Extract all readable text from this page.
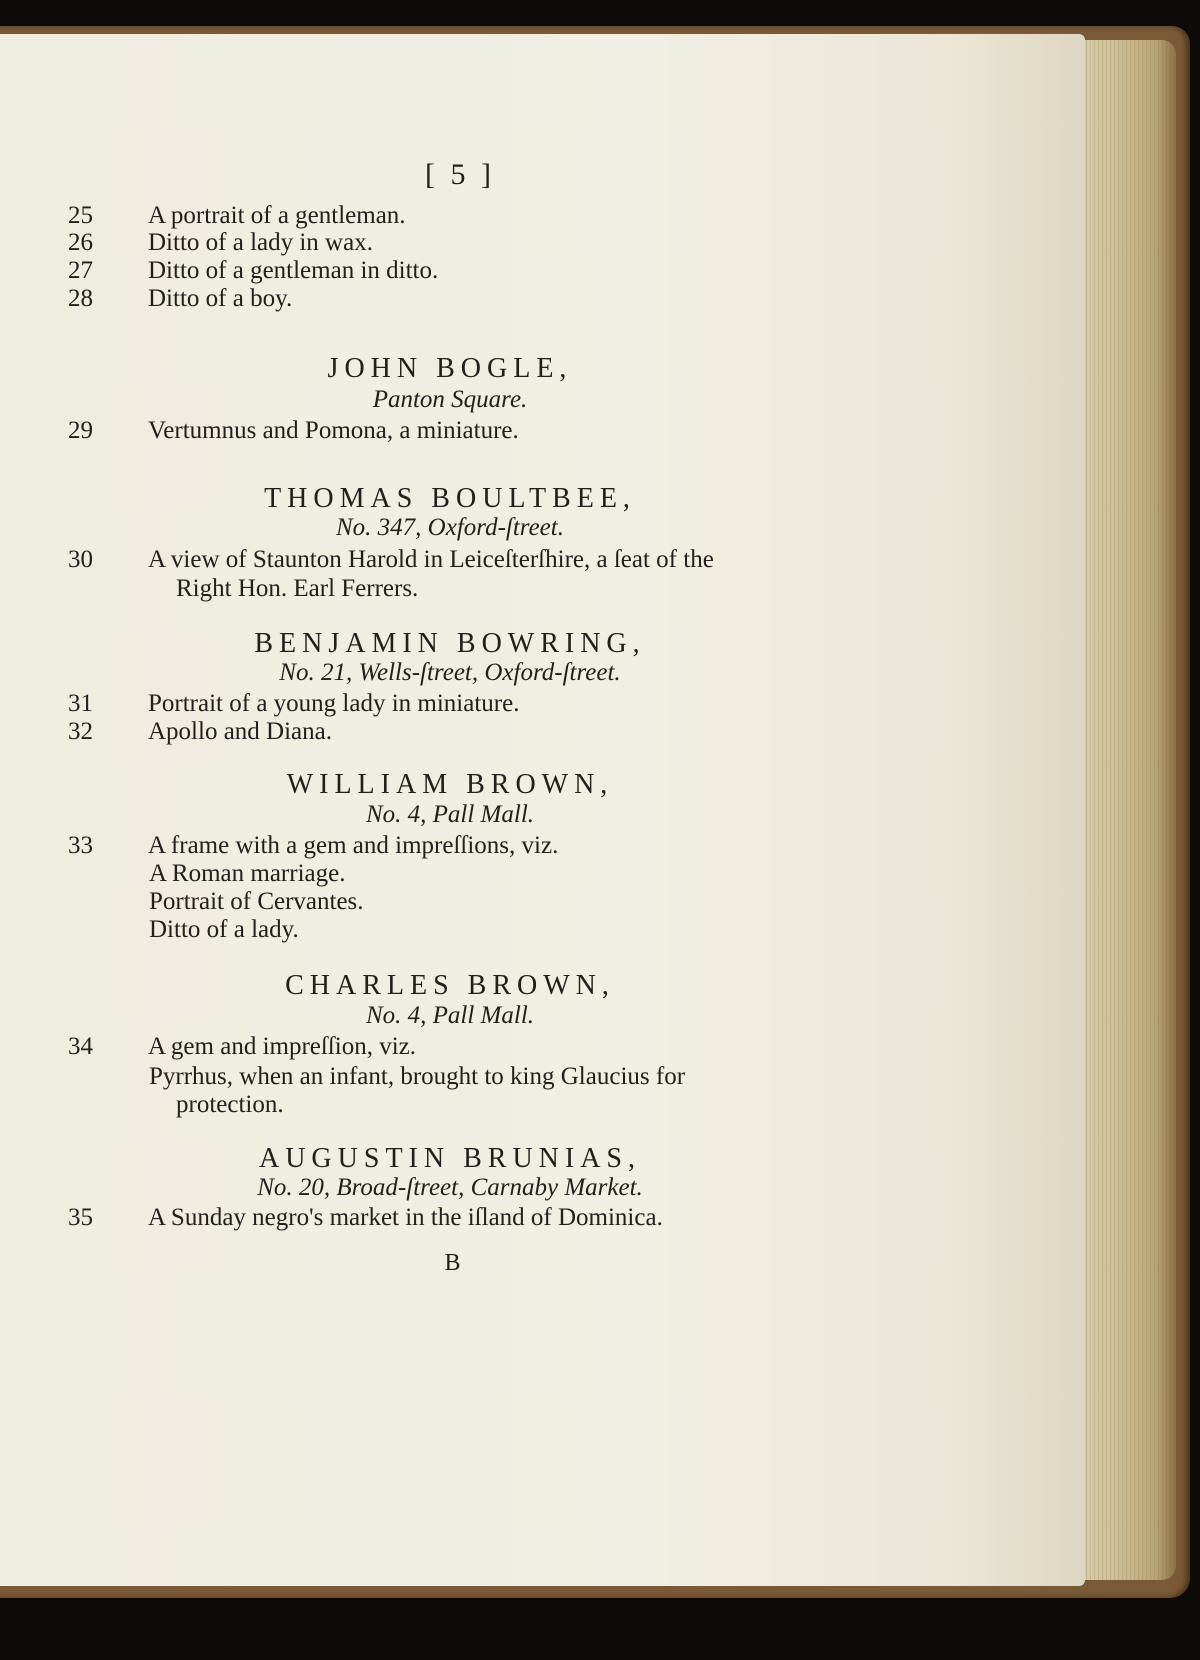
[ 5 ]
25	A portrait of a gentleman.
26	Ditto of a lady in wax.
27	Ditto of a gentleman in ditto.
28	Ditto of a boy.
JOHN BOGLE,
Panton Square.
29	Vertumnus and Pomona, a miniature.
THOMAS BOULTBEE,
No. 347, Oxford-ſtreet.
30	A view of Staunton Harold in Leiceſterſhire, a ſeat of the
Right Hon. Earl Ferrers.
BENJAMIN BOWRING,
No. 21, Wells-ſtreet, Oxford-ſtreet.
31	Portrait of a young lady in miniature.
32	Apollo and Diana.
WILLIAM BROWN,
No. 4, Pall Mall.
33	A frame with a gem and impreſſions, viz.
A Roman marriage.
Portrait of Cervantes.
Ditto of a lady.
CHARLES BROWN,
No. 4, Pall Mall.
34	A gem and impreſſion, viz.
Pyrrhus, when an infant, brought to king Glaucius for
protection.
AUGUSTIN BRUNIAS,
No. 20, Broad-ſtreet, Carnaby Market.
35	A Sunday negro's market in the iſland of Dominica.
B
